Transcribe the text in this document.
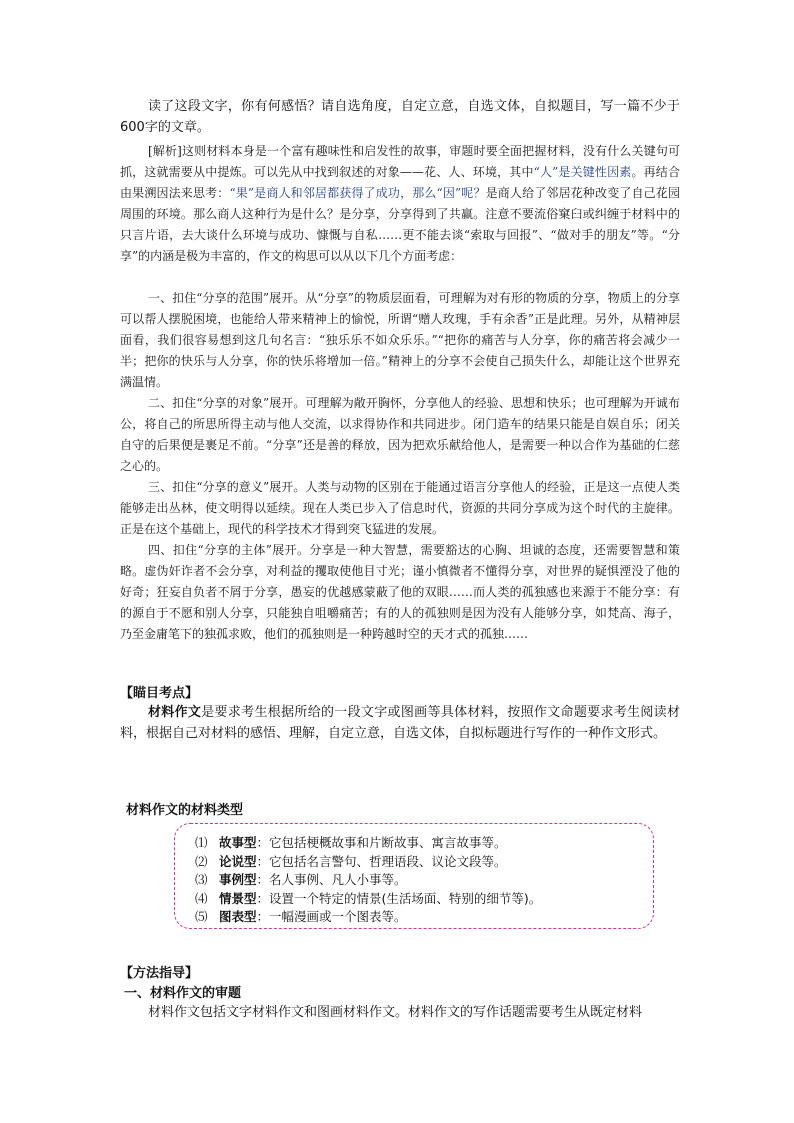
读了这段文字，你有何感悟？请自选角度，自定立意，自选文体，自拟题目，写一篇不少于600字的文章。

[解析]这则材料本身是一个富有趣味性和启发性的故事，审题时要全面把握材料，没有什么关键句可抓，这就需要从中提炼。可以先从中找到叙述的对象——花、人、环境，其中“人”是关键性因素。再结合由果溯因法来思考：“果”是商人和邻居都获得了成功，那么“因”呢？是商人给了邻居花种改变了自己花园周围的环境。那么商人这种行为是什么？是分享，分享得到了共赢。注意不要流俗窠臼或纠缠于材料中的只言片语，去大谈什么环境与成功、慷慨与自私……更不能去谈“索取与回报”、“做对手的朋友”等。“分享”的内涵是极为丰富的，作文的构思可以从以下几个方面考虑：

一、扣住“分享的范围”展开。从“分享”的物质层面看，可理解为对有形的物质的分享，物质上的分享可以帮人摆脱困境，也能给人带来精神上的愉悦，所谓“赠人玫瑰，手有余香”正是此理。另外，从精神层面看，我们很容易想到这几句名言：“独乐乐不如众乐乐。”“把你的痛苦与人分享，你的痛苦将会减少一半；把你的快乐与人分享，你的快乐将增加一倍。”精神上的分享不会使自己损失什么，却能让这个世界充满温情。

二、扣住“分享的对象”展开。可理解为敞开胸怀，分享他人的经验、思想和快乐；也可理解为开诚布公，将自己的所思所得主动与他人交流，以求得协作和共同进步。闭门造车的结果只能是自娱自乐；闭关自守的后果便是裹足不前。“分享”还是善的释放，因为把欢乐献给他人，是需要一种以合作为基础的仁慈之心的。

三、扣住“分享的意义”展开。人类与动物的区别在于能通过语言分享他人的经验，正是这一点使人类能够走出丛林，使文明得以延续。现在人类已步入了信息时代，资源的共同分享成为这个时代的主旋律。正是在这个基础上，现代的科学技术才得到突飞猛进的发展。

四、扣住“分享的主体”展开。分享是一种大智慧，需要豁达的心胸、坦诚的态度，还需要智慧和策略。虚伪奸诈者不会分享，对利益的攫取使他目寸光；谨小慎微者不懂得分享，对世界的疑惧湮没了他的好奇；狂妄自负者不屑于分享，愚妄的优越感蒙蔽了他的双眼……而人类的孤独感也来源于不能分享：有的源自于不愿和别人分享，只能独自咀嚼痛苦；有的人的孤独则是因为没有人能够分享，如梵高、海子，乃至金庸笔下的独孤求败，他们的孤独则是一种跨越时空的天才式的孤独……

【瞄目考点】

材料作文是要求考生根据所给的一段文字或图画等具体材料，按照作文命题要求考生阅读材料，根据自己对材料的感悟、理解，自定立意，自选文体，自拟标题进行写作的一种作文形式。

材料作文的材料类型

⑴ 故事型：它包括梗概故事和片断故事、寓言故事等。
⑵ 论说型：它包括名言警句、哲理语段、议论文段等。
⑶ 事例型：名人事例、凡人小事等。
⑷ 情景型：设置一个特定的情景(生活场面、特别的细节等)。
⑸ 图表型：一幅漫画或一个图表等。

【方法指导】

一、材料作文的审题

材料作文包括文字材料作文和图画材料作文。材料作文的写作话题需要考生从既定材料
